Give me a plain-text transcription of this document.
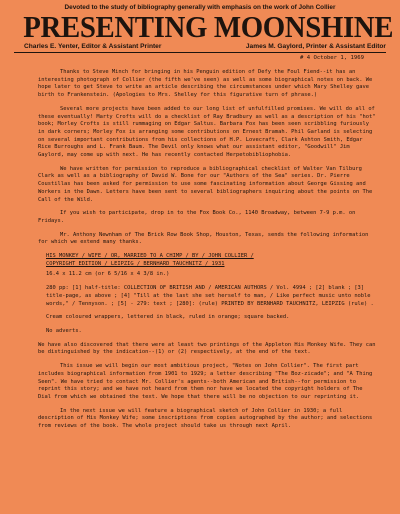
Devoted to the study of bibliography generally with emphasis on the work of John Collier
PRESENTING MOONSHINE
Charles E. Yenter, Editor & Assistant Printer	James M. Gaylord, Printer & Assistant Editor
# 4 October 1, 1969

Thanks to Steve Minch for bringing in his Penguin edition of Defy the Foul Fiend--it has an interesting photograph of Collier (the fifth we've seen) as well as some biographical notes on back. We hope later to get Steve to write an article describing the circumstances under which Mary Shelley gave birth to Frankenstein. (Apologies to Mrs. Shelley for this figurative turn of phrase.)

Several more projects have been added to our long list of unfulfilled promises. We will do all of these eventually! Marty Crofts will do a checklist of Ray Bradbury as well as a description of his "hot" book; Morley Crofts is still rummaging on Edgar Saltus. Barbara Fox has been seen scribbling furiously in dark corners; Morley Fox is arranging some contributions on Ernest Bramah. Phil Garland is selecting on several important contributions from his collections of H.P. Lovecraft, Clark Ashton Smith, Edgar Rice Burroughs and L. Frank Baum. The Devil only knows what our assistant editor, "Goodwill" Jim Gaylord, may come up with next. He has recently contacted Herpetobibliophobia.

We have written for permission to reproduce a bibliographical checklist of Walter Van Tilburg Clark as well as a bibliography of David W. Bone for our "Authors of the Sea" series. Dr. Pierre Coustillas has been asked for permission to use some fascinating information about George Gissing and Workers in the Dawn. Letters have been sent to several bibliographers inquiring about the points on The Call of the Wild.

If you wish to participate, drop in to the Fox Book Co., 1140 Broadway, between 7-9 p.m. on Fridays.

Mr. Anthony Newnham of The Brick Row Book Shop, Houston, Texas, sends the following information for which we extend many thanks.

HIS MONKEY / WIFE / OR, MARRIED TO A CHIMP / BY / JOHN COLLIER /
COPYRIGHT EDITION / LEIPZIG / BERNHARD TAUCHNITZ / 1931

16.4 x 11.2 cm (or 6 5/16 x 4 3/8 in.)

280 pp: [1] half-title: COLLECTION OF BRITISH AND / AMERICAN AUTHORS / Vol. 4994 ; [2] blank ; [3] title-page, as above ; [4] "Till at the last she set herself to man, / Like perfect music unto noble words," / Tennyson. ; [5] - 279: text ; [280]: (rule) PRINTED BY BERNHARD TAUCHNITZ, LEIPZIG (rule) .

Cream coloured wrappers, lettered in black, ruled in orange; square backed.

No adverts.

We have also discovered that there were at least two printings of the Appleton His Monkey Wife. They can be distinguished by the indication--(1) or (2) respectively, at the end of the text.

This issue we will begin our most ambitious project, "Notes on John Collier". The first part includes biographical information from 1901 to 1929; a letter describing "The Boz-zicade"; and "A Thing Seen". We have tried to contact Mr. Collier's agents--both American and British--for permission to reprint this story; and we have not heard from them nor have we located the copyright holders of The Dial from which we obtained the text. We hope that there will be no objection to our reprinting it.

In the next issue we will feature a biographical sketch of John Collier in 1930; a full description of His Monkey Wife; some inscriptions from copies autographed by the author; and selections from reviews of the book. The whole project should take us through next April.
